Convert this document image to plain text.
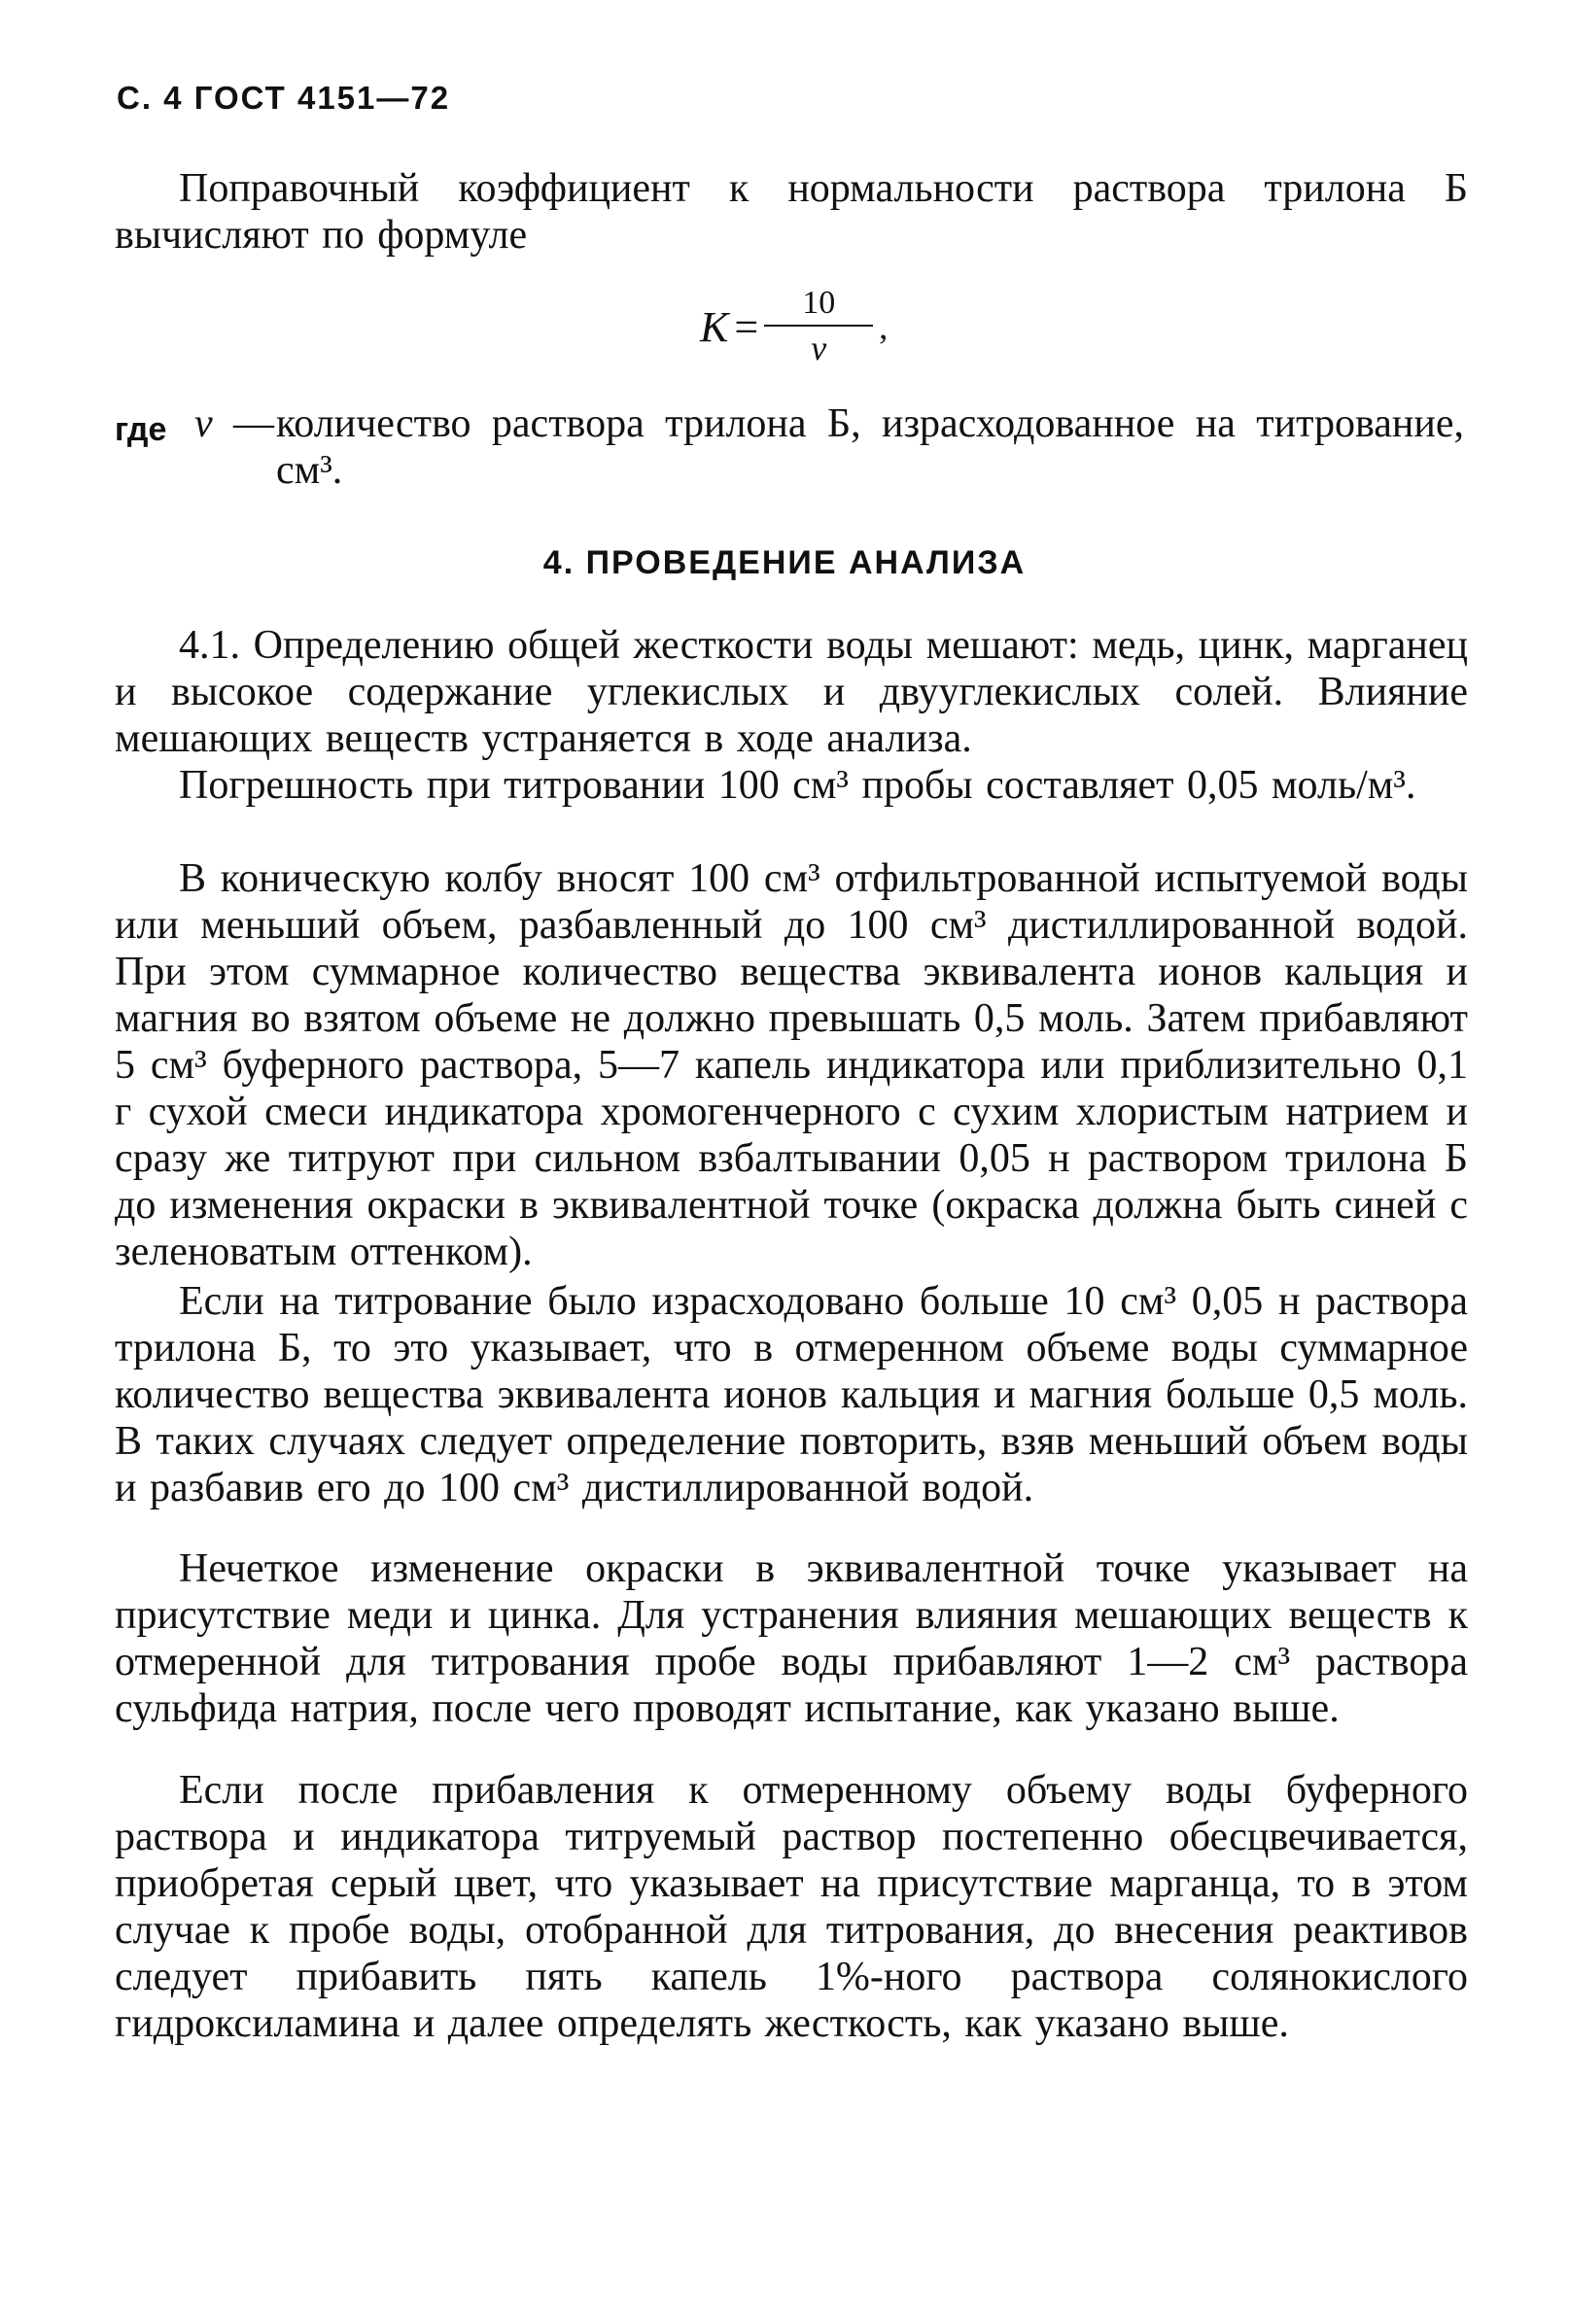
С. 4 ГОСТ 4151—72
Поправочный коэффициент к нормальности раствора трилона Б вычисляют по формуле
$K = \frac{10}{v}$ ,
где v — количество раствора трилона Б, израсходованное на титрование, см³.
4. ПРОВЕДЕНИЕ АНАЛИЗА
4.1. Определению общей жесткости воды мешают: медь, цинк, марганец и высокое содержание углекислых и двууглекислых солей. Влияние мешающих веществ устраняется в ходе анализа.
Погрешность при титровании 100 см³ пробы составляет 0,05 моль/м³.
В коническую колбу вносят 100 см³ отфильтрованной испытуемой воды или меньший объем, разбавленный до 100 см³ дистиллированной водой. При этом суммарное количество вещества эквивалента ионов кальция и магния во взятом объеме не должно превышать 0,5 моль. Затем прибавляют 5 см³ буферного раствора, 5—7 капель индикатора или приблизительно 0,1 г сухой смеси индикатора хромогенчерного с сухим хлористым натрием и сразу же титруют при сильном взбалтывании 0,05 н раствором трилона Б до изменения окраски в эквивалентной точке (окраска должна быть синей с зеленоватым оттенком).
Если на титрование было израсходовано больше 10 см³ 0,05 н раствора трилона Б, то это указывает, что в отмеренном объеме воды суммарное количество вещества эквивалента ионов кальция и магния больше 0,5 моль. В таких случаях следует определение повторить, взяв меньший объем воды и разбавив его до 100 см³ дистиллированной водой.
Нечеткое изменение окраски в эквивалентной точке указывает на присутствие меди и цинка. Для устранения влияния мешающих веществ к отмеренной для титрования пробе воды прибавляют 1—2 см³ раствора сульфида натрия, после чего проводят испытание, как указано выше.
Если после прибавления к отмеренному объему воды буферного раствора и индикатора титруемый раствор постепенно обесцвечивается, приобретая серый цвет, что указывает на присутствие марганца, то в этом случае к пробе воды, отобранной для титрования, до внесения реактивов следует прибавить пять капель 1%-ного раствора солянокислого гидроксиламина и далее определять жесткость, как указано выше.
